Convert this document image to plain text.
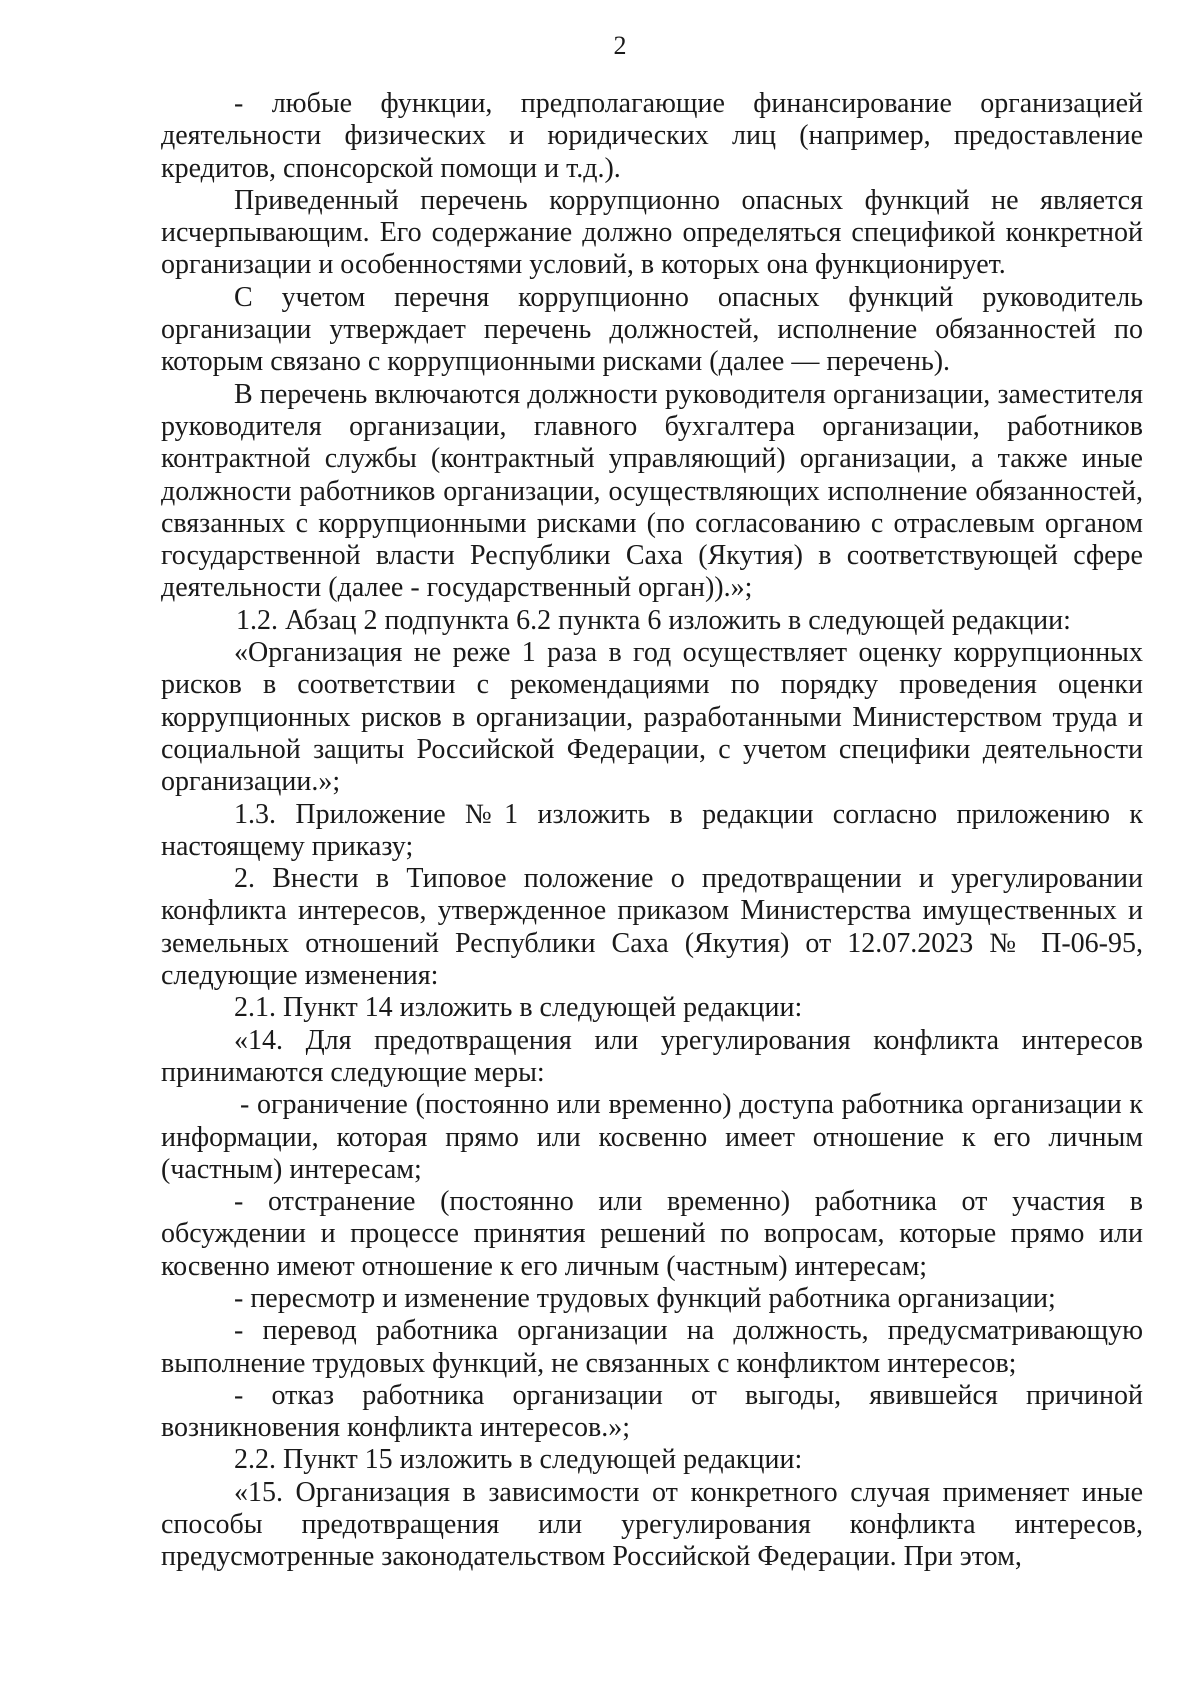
2

- любые функции, предполагающие финансирование организацией деятельности физических и юридических лиц (например, предоставление кредитов, спонсорской помощи и т.д.).

Приведенный перечень коррупционно опасных функций не является исчерпывающим. Его содержание должно определяться спецификой конкретной организации и особенностями условий, в которых она функционирует.

С учетом перечня коррупционно опасных функций руководитель организации утверждает перечень должностей, исполнение обязанностей по которым связано с коррупционными рисками (далее — перечень).

В перечень включаются должности руководителя организации, заместителя руководителя организации, главного бухгалтера организации, работников контрактной службы (контрактный управляющий) организации, а также иные должности работников организации, осуществляющих исполнение обязанностей, связанных с коррупционными рисками (по согласованию с отраслевым органом государственной власти Республики Саха (Якутия) в соответствующей сфере деятельности (далее - государственный орган)).»;

1.2. Абзац 2 подпункта 6.2 пункта 6 изложить в следующей редакции:

«Организация не реже 1 раза в год осуществляет оценку коррупционных рисков в соответствии с рекомендациями по порядку проведения оценки коррупционных рисков в организации, разработанными Министерством труда и социальной защиты Российской Федерации, с учетом специфики деятельности организации.»;

1.3. Приложение №1 изложить в редакции согласно приложению к настоящему приказу;

2. Внести в Типовое положение о предотвращении и урегулировании конфликта интересов, утвержденное приказом Министерства имущественных и земельных отношений Республики Саха (Якутия) от 12.07.2023 № П-06-95, следующие изменения:

2.1. Пункт 14 изложить в следующей редакции:

«14. Для предотвращения или урегулирования конфликта интересов принимаются следующие меры:

- ограничение (постоянно или временно) доступа работника организации к информации, которая прямо или косвенно имеет отношение к его личным (частным) интересам;

- отстранение (постоянно или временно) работника от участия в обсуждении и процессе принятия решений по вопросам, которые прямо или косвенно имеют отношение к его личным (частным) интересам;

- пересмотр и изменение трудовых функций работника организации;

- перевод работника организации на должность, предусматривающую выполнение трудовых функций, не связанных с конфликтом интересов;

- отказ работника организации от выгоды, явившейся причиной возникновения конфликта интересов.»;

2.2. Пункт 15 изложить в следующей редакции:

«15. Организация в зависимости от конкретного случая применяет иные способы предотвращения или урегулирования конфликта интересов, предусмотренные законодательством Российской Федерации. При этом,
